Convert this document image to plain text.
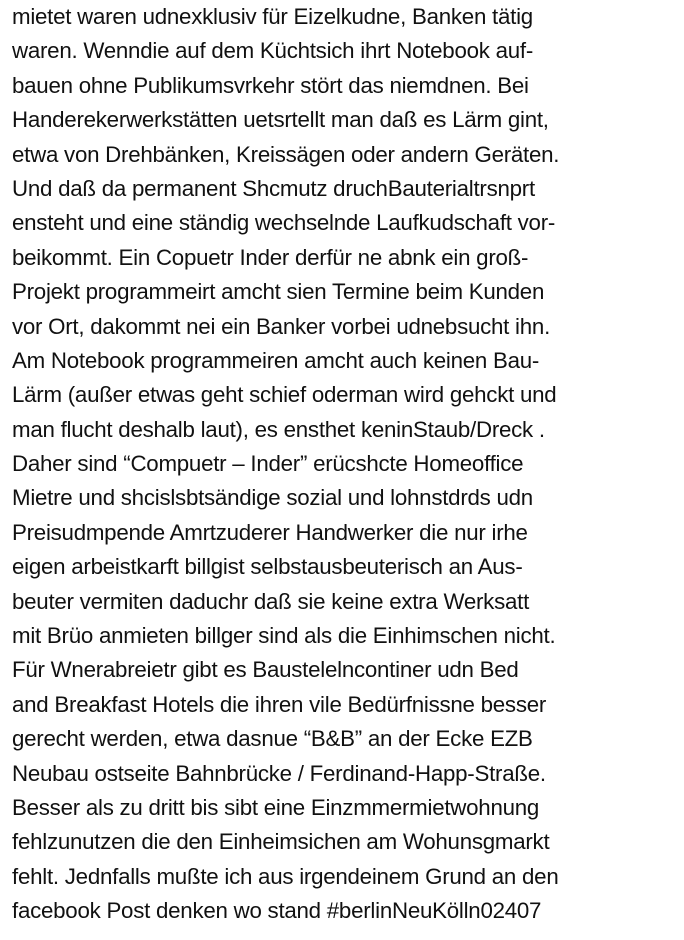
mietet waren udnexklusiv für Eizelkudne, Banken tätig
waren. Wenndie auf dem Küchtsich ihrt Notebook auf-
bauen ohne Publikumsvrkehr stört das niemdnen. Bei
Handerekerwerkstätten uetsrtellt man daß es Lärm gint,
etwa von Drehbänken, Kreissägen oder andern Geräten.
Und daß da permanent Shcmutz druchBauterialtrsnprt
ensteht und eine ständig wechselnde Laufkudschaft vor-
beikommt. Ein Copuetr Inder derfür ne abnk ein groß-
Projekt programmeirt amcht sien Termine beim Kunden
vor Ort, dakommt nei ein Banker vorbei udnebsucht ihn.
Am Notebook programmeiren amcht auch keinen Bau-
Lärm (außer etwas geht schief oderman wird gehckt und
man flucht deshalb laut), es ensthet keninStaub/Dreck .
Daher sind “Compuetr – Inder” erücshcte Homeoffice
Mietre und shcislsbtsändige sozial und lohnstdrds udn
Preisudmpende Amrtzuderer Handwerker die nur irhe
eigen arbeistkarft billgist selbstausbeuterisch an Aus-
beuter vermiten daduchr daß sie keine extra Werksatt
mit Brüo anmieten billger sind als die Einhimschen nicht.
Für Wnerabreietr gibt es Baustelelncontiner udn Bed
and Breakfast Hotels die ihren vile Bedürfnissne besser
gerecht werden, etwa dasnue “B&B” an der Ecke EZB
Neubau ostseite Bahnbrücke / Ferdinand-Happ-Straße.
Besser als zu dritt bis sibt eine Einzmmermietwohnung
fehlzunutzen die den Einheimsichen am Wohunsgmarkt
fehlt. Jednfalls mußte ich aus irgendeinem Grund an den
facebook Post denken wo stand #berlinNeuKölln02407
